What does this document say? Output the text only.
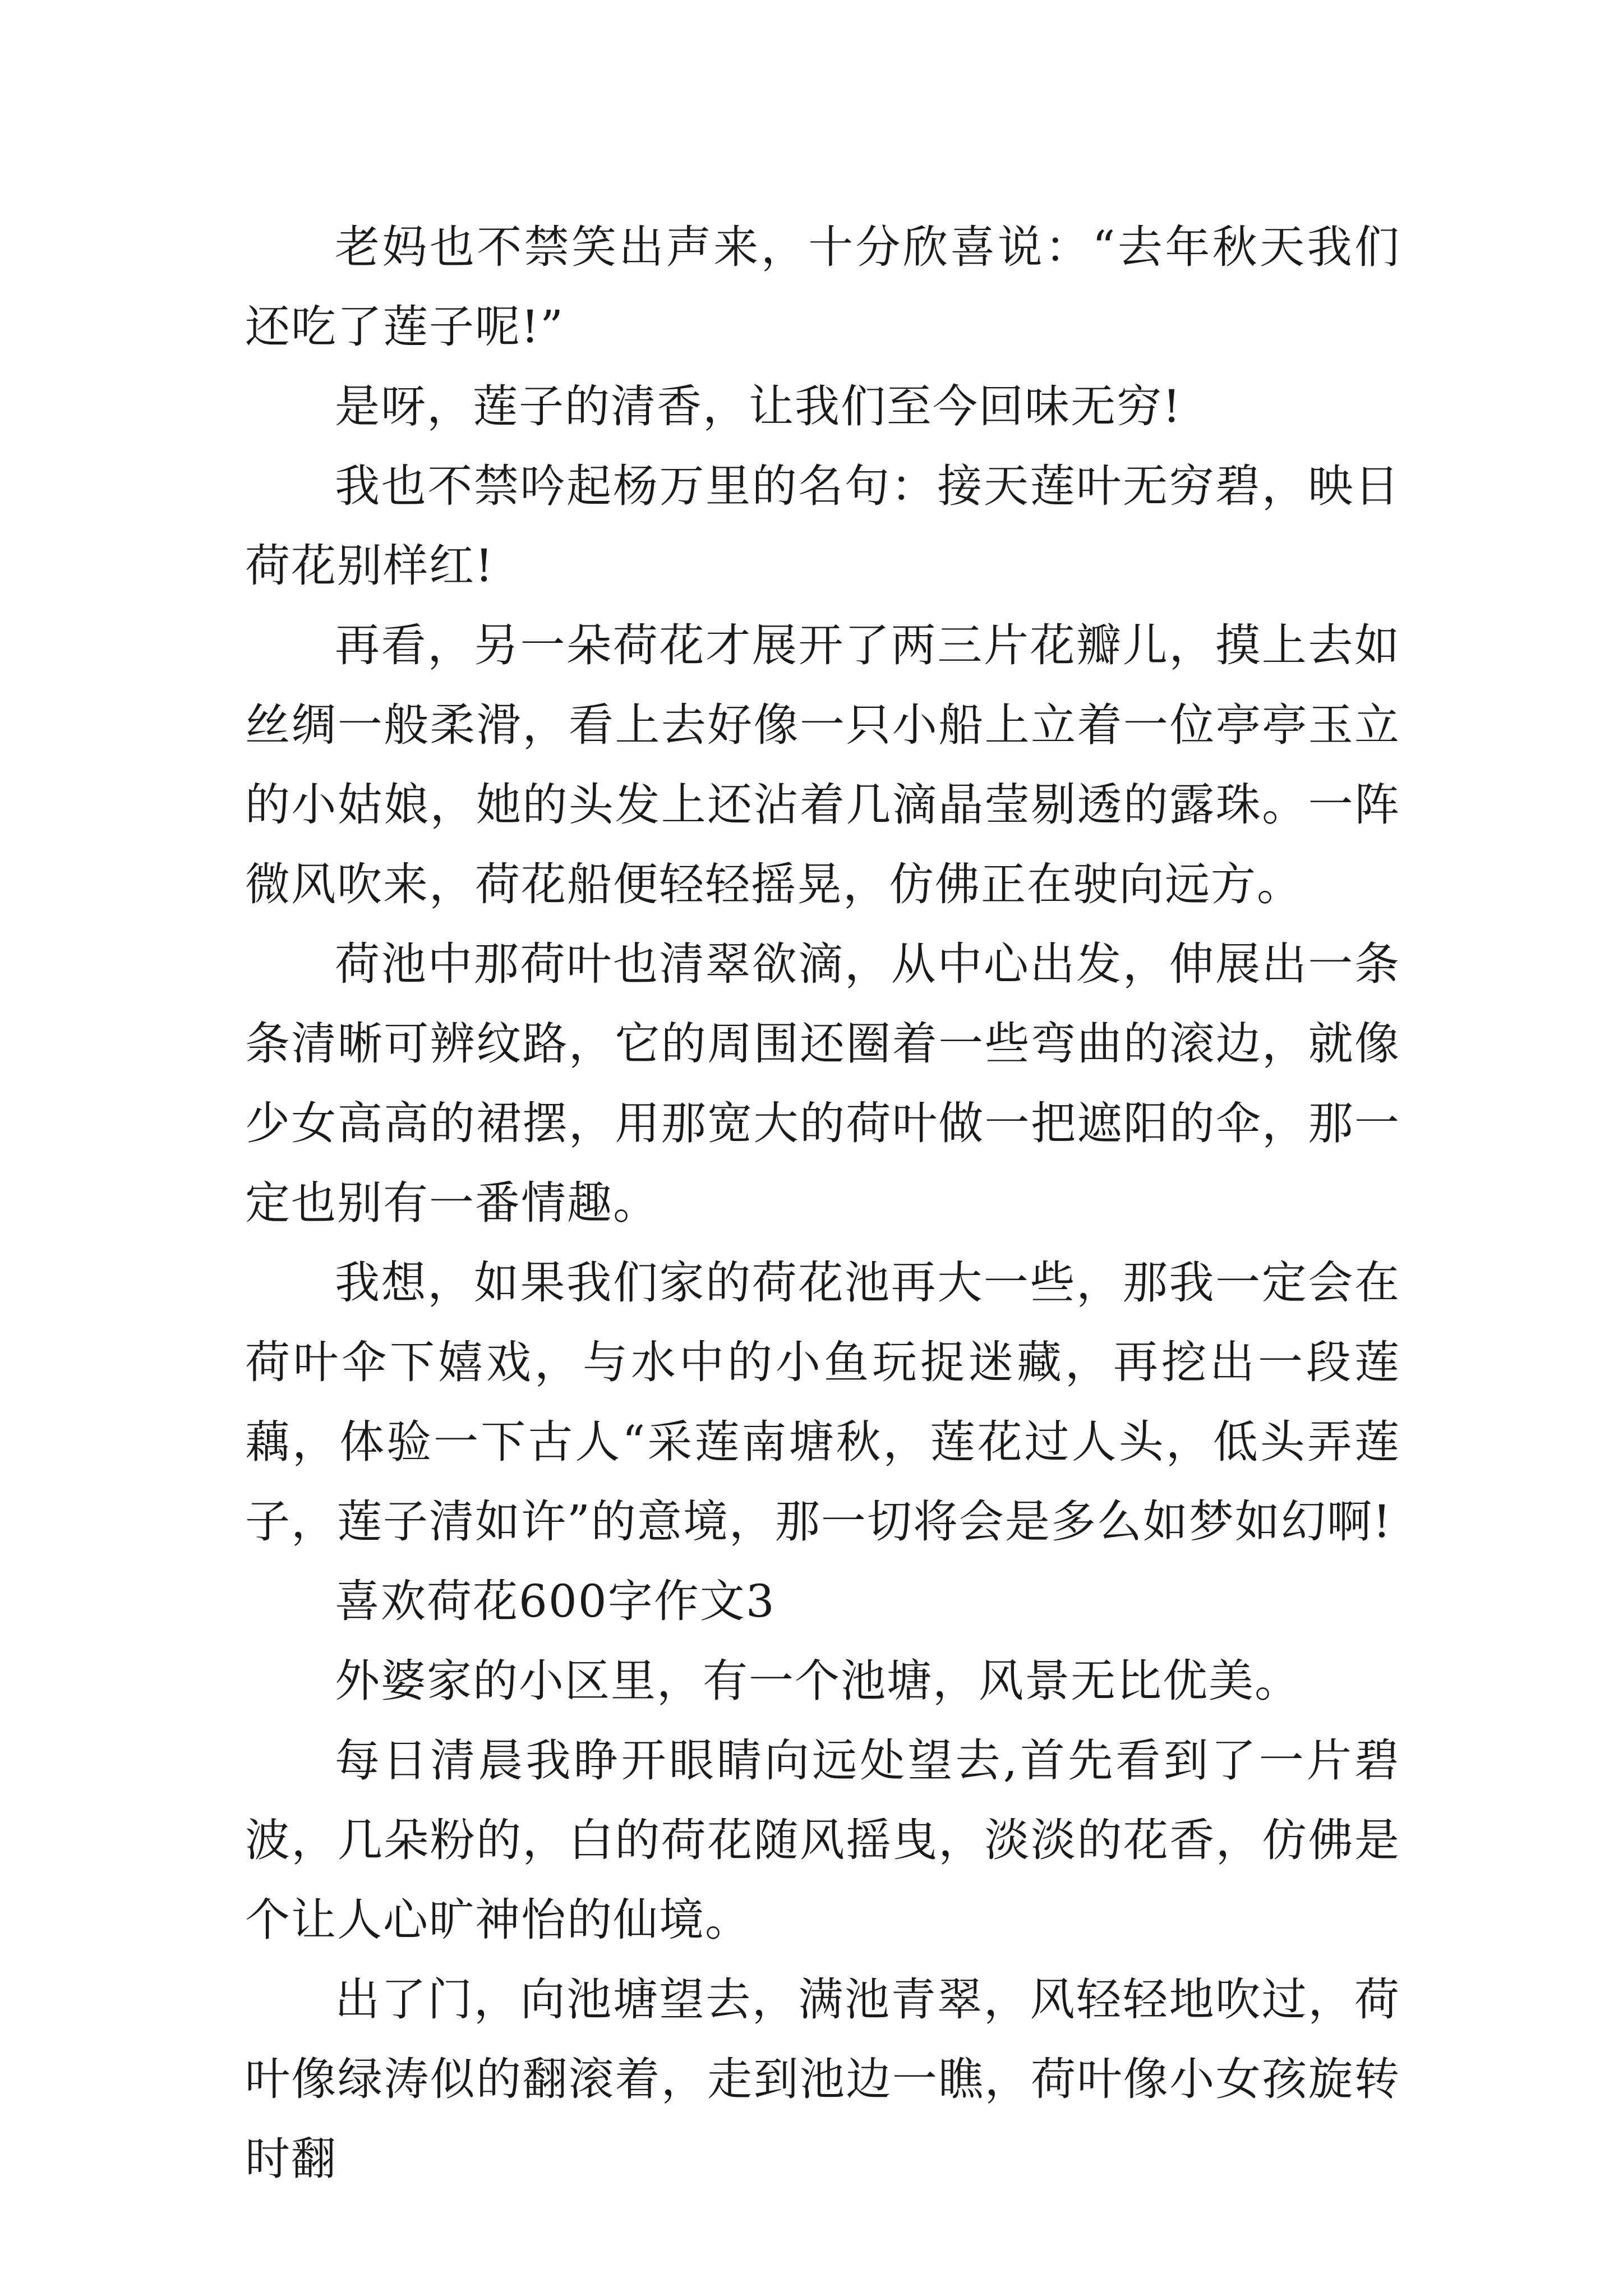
老妈也不禁笑出声来，十分欣喜说：“去年秋天我们还吃了莲子呢!”

是呀，莲子的清香，让我们至今回味无穷!

我也不禁吟起杨万里的名句：接天莲叶无穷碧，映日荷花别样红!

再看，另一朵荷花才展开了两三片花瓣儿，摸上去如丝绸一般柔滑，看上去好像一只小船上立着一位亭亭玉立的小姑娘，她的头发上还沾着几滴晶莹剔透的露珠。一阵微风吹来，荷花船便轻轻摇晃，仿佛正在驶向远方。

荷池中那荷叶也清翠欲滴，从中心出发，伸展出一条条清晰可辨纹路，它的周围还圈着一些弯曲的滚边，就像少女高高的裙摆，用那宽大的荷叶做一把遮阳的伞，那一定也别有一番情趣。

我想，如果我们家的荷花池再大一些，那我一定会在荷叶伞下嬉戏，与水中的小鱼玩捉迷藏，再挖出一段莲藕，体验一下古人“采莲南塘秋，莲花过人头，低头弄莲子，莲子清如许”的意境，那一切将会是多么如梦如幻啊!

喜欢荷花600字作文3

外婆家的小区里，有一个池塘，风景无比优美。

每日清晨我睁开眼睛向远处望去,首先看到了一片碧波，几朵粉的，白的荷花随风摇曳，淡淡的花香，仿佛是个让人心旷神怡的仙境。

出了门，向池塘望去，满池青翠，风轻轻地吹过，荷叶像绿涛似的翻滚着，走到池边一瞧，荷叶像小女孩旋转时翻
